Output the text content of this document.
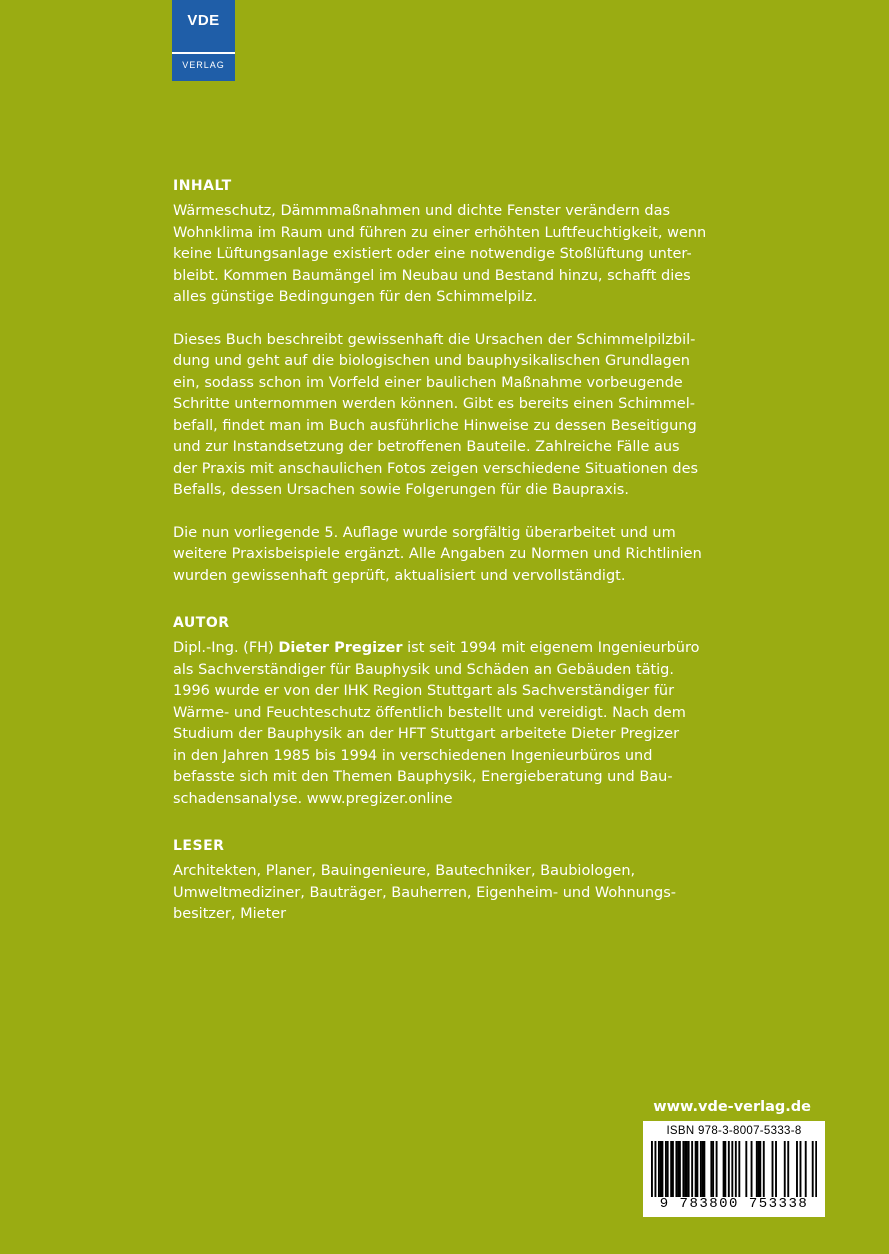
VDE
VERLAG
INHALT

Wärmeschutz, Dämmmaßnahmen und dichte Fenster verändern das
Wohnklima im Raum und führen zu einer erhöhten Luftfeuchtigkeit, wenn
keine Lüftungsanlage existiert oder eine notwendige Stoßlüftung unter-
bleibt. Kommen Baumängel im Neubau und Bestand hinzu, schafft dies
alles günstige Bedingungen für den Schimmelpilz.

Dieses Buch beschreibt gewissenhaft die Ursachen der Schimmelpilzbil-
dung und geht auf die biologischen und bauphysikalischen Grundlagen
ein, sodass schon im Vorfeld einer baulichen Maßnahme vorbeugende
Schritte unternommen werden können. Gibt es bereits einen Schimmel-
befall, findet man im Buch ausführliche Hinweise zu dessen Beseitigung
und zur Instandsetzung der betroffenen Bauteile. Zahlreiche Fälle aus
der Praxis mit anschaulichen Fotos zeigen verschiedene Situationen des
Befalls, dessen Ursachen sowie Folgerungen für die Baupraxis.

Die nun vorliegende 5. Auflage wurde sorgfältig überarbeitet und um
weitere Praxisbeispiele ergänzt. Alle Angaben zu Normen und Richtlinien
wurden gewissenhaft geprüft, aktualisiert und vervollständigt.

AUTOR

Dipl.-Ing. (FH) Dieter Pregizer ist seit 1994 mit eigenem Ingenieurbüro
als Sachverständiger für Bauphysik und Schäden an Gebäuden tätig.
1996 wurde er von der IHK Region Stuttgart als Sachverständiger für
Wärme- und Feuchteschutz öffentlich bestellt und vereidigt. Nach dem
Studium der Bauphysik an der HFT Stuttgart arbeitete Dieter Pregizer
in den Jahren 1985 bis 1994 in verschiedenen Ingenieurbüros und
befasste sich mit den Themen Bauphysik, Energieberatung und Bau-
schadensanalyse. www.pregizer.online

LESER

Architekten, Planer, Bauingenieure, Bautechniker, Baubiologen,
Umweltmediziner, Bauträger, Bauherren, Eigenheim- und Wohnungs-
besitzer, Mieter

www.vde-verlag.de
ISBN 978-3-8007-5333-8
9 783800 753338
